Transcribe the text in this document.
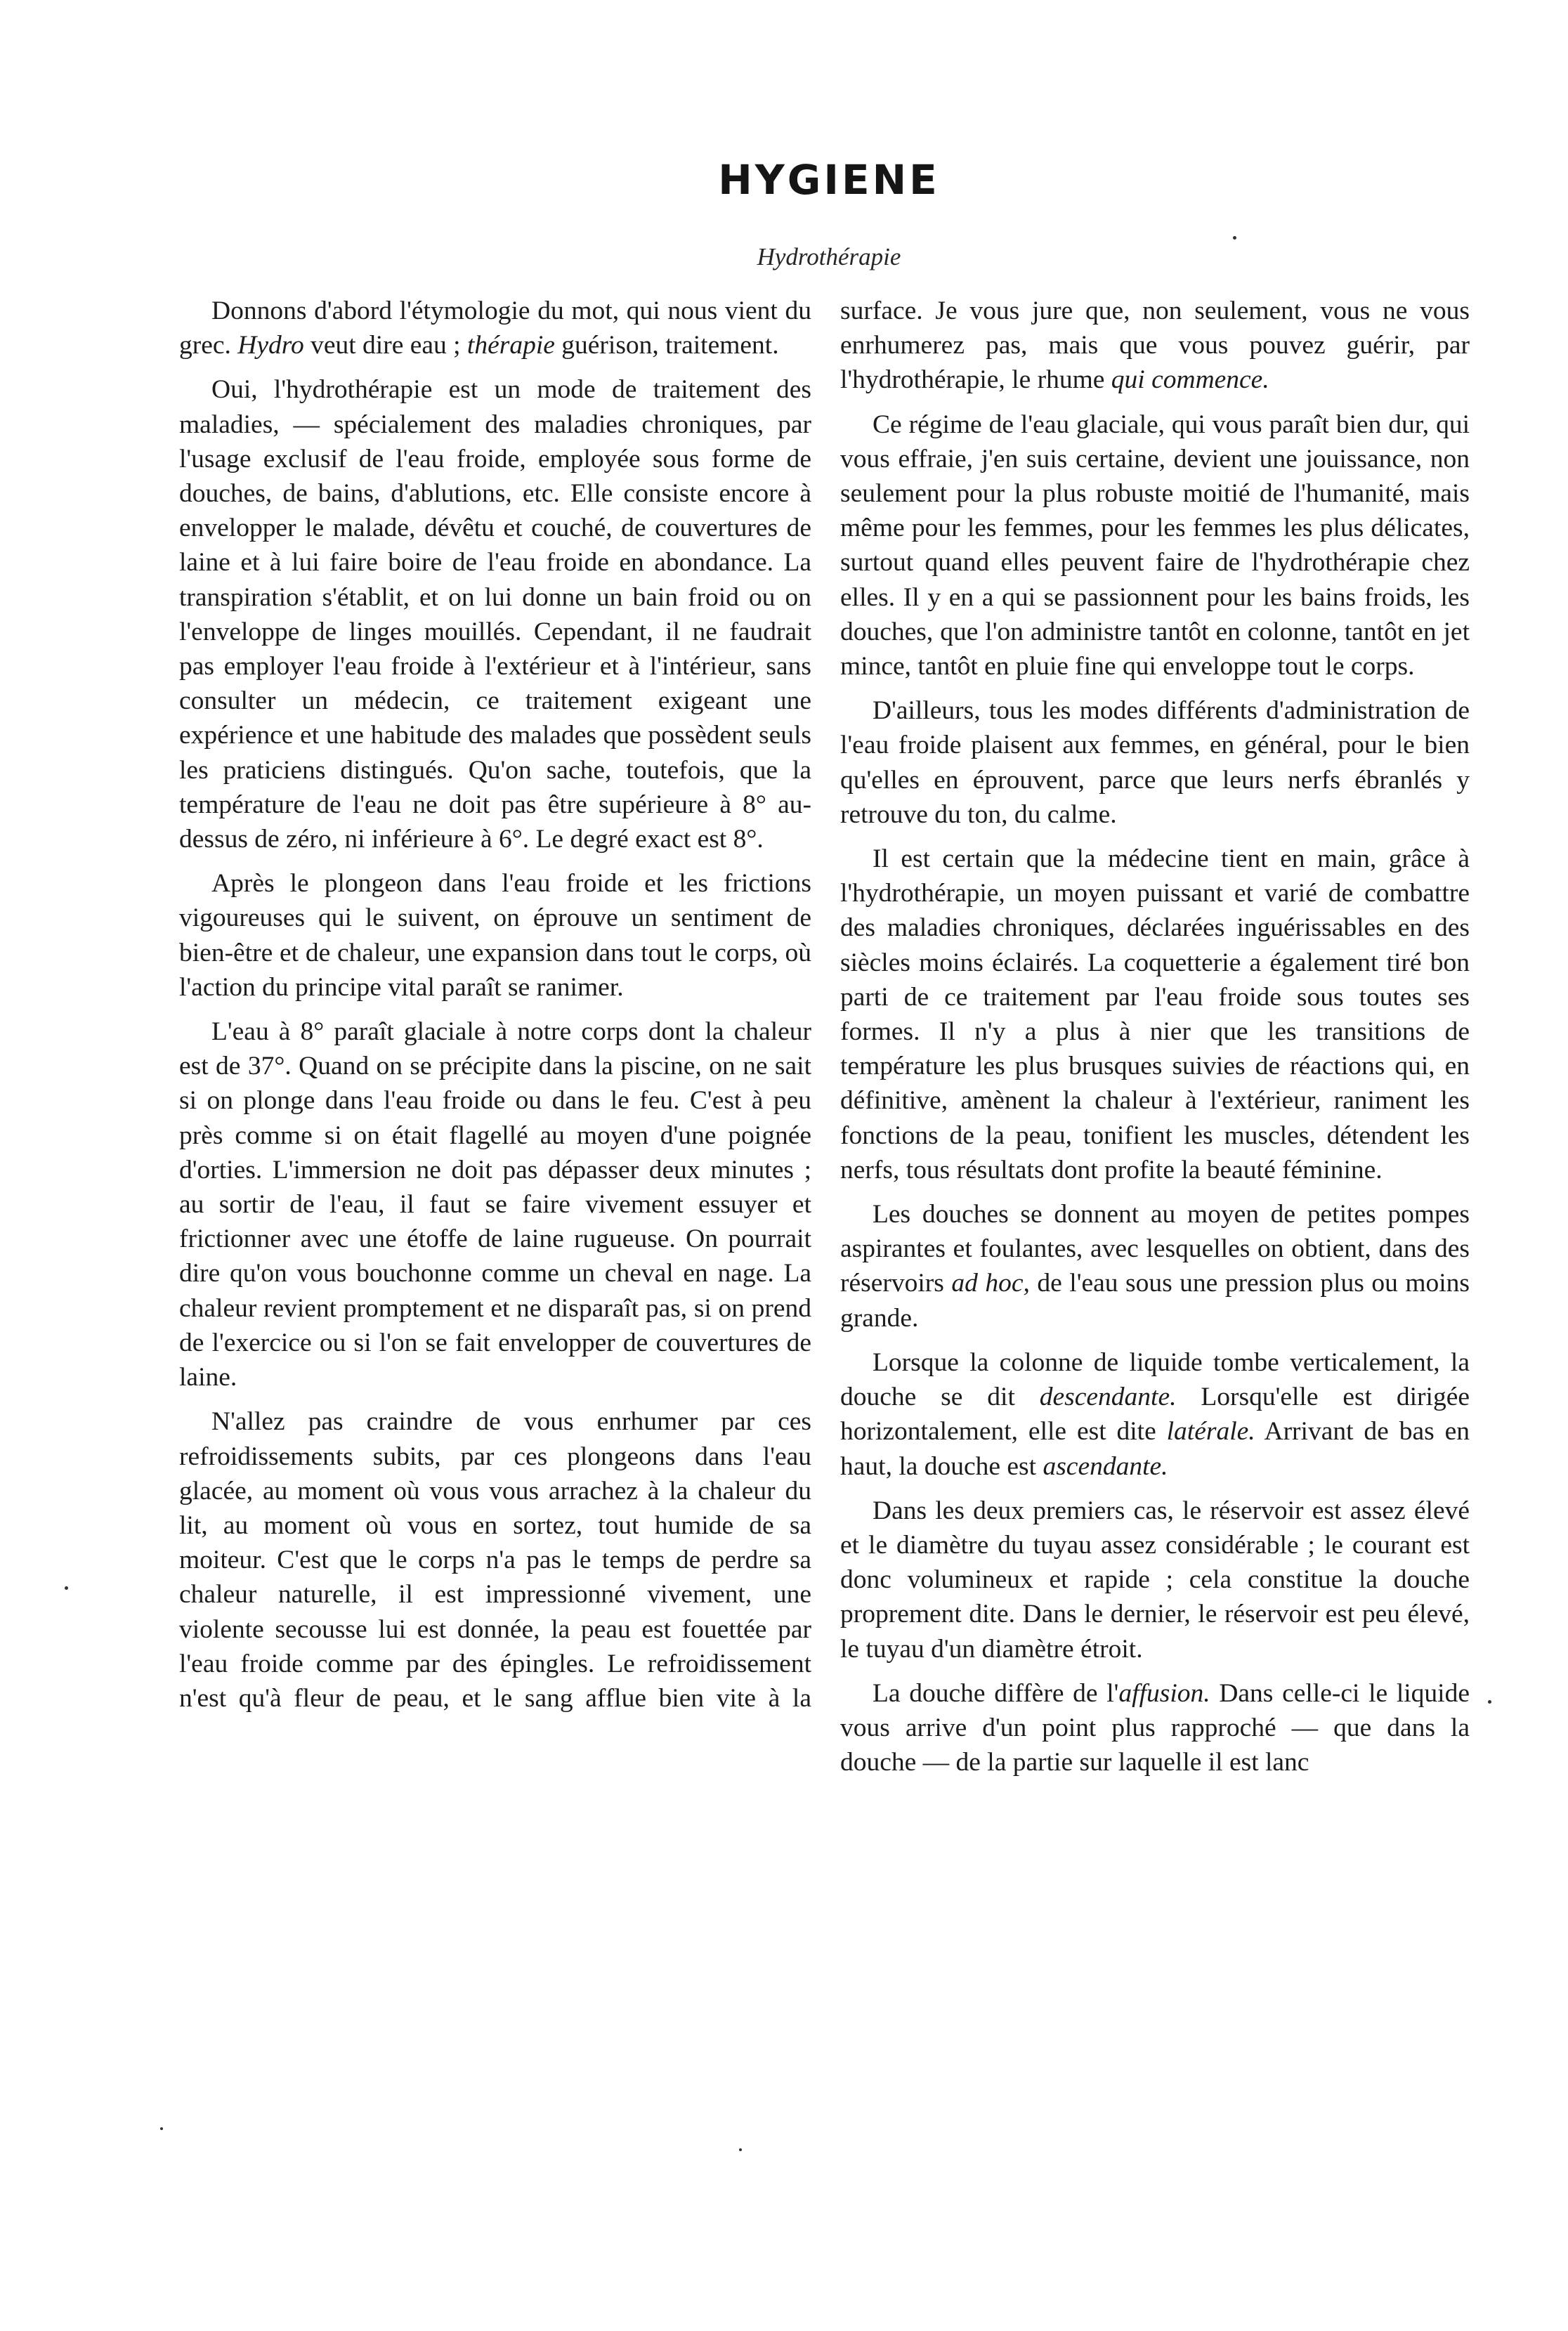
HYGIENE
Hydrothérapie

Donnons d'abord l'étymologie du mot, qui nous vient du grec. Hydro veut dire eau ; thérapie guérison, traitement.

Oui, l'hydrothérapie est un mode de traitement des maladies, — spécialement des maladies chroniques, par l'usage exclusif de l'eau froide, employée sous forme de douches, de bains, d'ablutions, etc. Elle consiste encore à envelopper le malade, dévêtu et couché, de couvertures de laine et à lui faire boire de l'eau froide en abondance. La transpiration s'établit, et on lui donne un bain froid ou on l'enveloppe de linges mouillés. Cependant, il ne faudrait pas employer l'eau froide à l'extérieur et à l'intérieur, sans consulter un médecin, ce traitement exigeant une expérience et une habitude des malades que possèdent seuls les praticiens distingués. Qu'on sache, toutefois, que la température de l'eau ne doit pas être supérieure à 8° au-dessus de zéro, ni inférieure à 6°. Le degré exact est 8°.

Après le plongeon dans l'eau froide et les frictions vigoureuses qui le suivent, on éprouve un sentiment de bien-être et de chaleur, une expansion dans tout le corps, où l'action du principe vital paraît se ranimer.

L'eau à 8° paraît glaciale à notre corps dont la chaleur est de 37°. Quand on se précipite dans la piscine, on ne sait si on plonge dans l'eau froide ou dans le feu. C'est à peu près comme si on était flagellé au moyen d'une poignée d'orties. L'immersion ne doit pas dépasser deux minutes ; au sortir de l'eau, il faut se faire vivement essuyer et frictionner avec une étoffe de laine rugueuse. On pourrait dire qu'on vous bouchonne comme un cheval en nage. La chaleur revient promptement et ne disparaît pas, si on prend de l'exercice ou si l'on se fait envelopper de couvertures de laine.

N'allez pas craindre de vous enrhumer par ces refroidissements subits, par ces plongeons dans l'eau glacée, au moment où vous vous arrachez à la chaleur du lit, au moment où vous en sortez, tout humide de sa moiteur. C'est que le corps n'a pas le temps de perdre sa chaleur naturelle, il est impressionné vivement, une violente secousse lui est donnée, la peau est fouettée par l'eau froide comme par des épingles. Le refroidissement n'est qu'à fleur de peau, et le sang afflue bien vite à la

surface. Je vous jure que, non seulement, vous ne vous enrhumerez pas, mais que vous pouvez guérir, par l'hydrothérapie, le rhume qui commence.

Ce régime de l'eau glaciale, qui vous paraît bien dur, qui vous effraie, j'en suis certaine, devient une jouissance, non seulement pour la plus robuste moitié de l'humanité, mais même pour les femmes, pour les femmes les plus délicates, surtout quand elles peuvent faire de l'hydrothérapie chez elles. Il y en a qui se passionnent pour les bains froids, les douches, que l'on administre tantôt en colonne, tantôt en jet mince, tantôt en pluie fine qui enveloppe tout le corps.

D'ailleurs, tous les modes différents d'administration de l'eau froide plaisent aux femmes, en général, pour le bien qu'elles en éprouvent, parce que leurs nerfs ébranlés y retrouve du ton, du calme.

Il est certain que la médecine tient en main, grâce à l'hydrothérapie, un moyen puissant et varié de combattre des maladies chroniques, déclarées inguérissables en des siècles moins éclairés. La coquetterie a également tiré bon parti de ce traitement par l'eau froide sous toutes ses formes. Il n'y a plus à nier que les transitions de température les plus brusques suivies de réactions qui, en définitive, amènent la chaleur à l'extérieur, raniment les fonctions de la peau, tonifient les muscles, détendent les nerfs, tous résultats dont profite la beauté féminine.

Les douches se donnent au moyen de petites pompes aspirantes et foulantes, avec lesquelles on obtient, dans des réservoirs ad hoc, de l'eau sous une pression plus ou moins grande.

Lorsque la colonne de liquide tombe verticalement, la douche se dit descendante. Lorsqu'elle est dirigée horizontalement, elle est dite latérale. Arrivant de bas en haut, la douche est ascendante.

Dans les deux premiers cas, le réservoir est assez élevé et le diamètre du tuyau assez considérable ; le courant est donc volumineux et rapide ; cela constitue la douche proprement dite. Dans le dernier, le réservoir est peu élevé, le tuyau d'un diamètre étroit.

La douche diffère de l'affusion. Dans celle-ci le liquide vous arrive d'un point plus rapproché — que dans la douche — de la partie sur laquelle il est lanc
